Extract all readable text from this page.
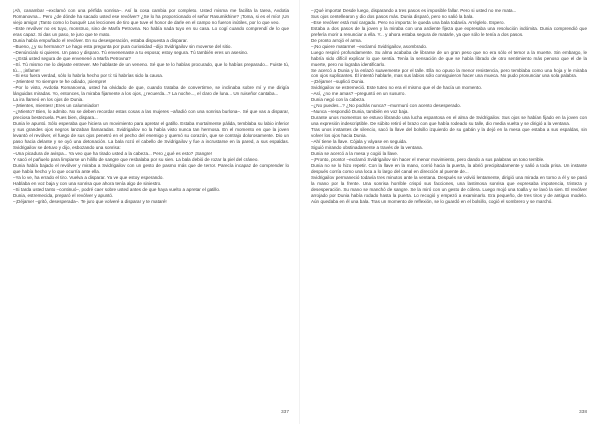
¡Ah, canamba! –exclamó con una pérfida sonrisa–. Así la cosa cambia por completo. Usted misma me facilita la tarea, Avdotia Romanovna... Pero ¿de dónde ha sacado usted ese revólver? ¿Se lo ha proporcionado el señor Rasumikhine? ¡Toma, si es el mío! ¡Un viejo amigo! ¡Tanto como lo busqué! Las lecciones de tiro que tuve el honor de darle en el campo no fueron inútiles, por lo que veo.

–Este revólver no es tuyo, monstruo, sino de Marfa Petrovna. No había nada tuyo en su casa. Lo cogí cuando comprendí de lo que eras capaz. Si das un paso, te juro que te mato.

Dunia había empuñado el revólver. En su desesperación, estaba dispuesta a disparar.

–Bueno, ¿y su hermano? Le hago esta pregunta por pura curiosidad –dijo Svidrigailov sin moverse del sitio.

–Denúncialo si quieres. Un paso y disparo. Tú envenenaste a tu esposa; estoy segura. Tú también eres un asesino.

–¿Está usted segura de que envenené a Marfa Petrovna?

–Sí. Tú mismo me lo dejaste entrever. Me hablaste de un veneno. Sé que te lo habías procurado, que lo habías preparado... Fuiste tú, tú..., ¡infame!

–Si eso fuera verdad, sólo lo habría hecho por ti: tú habrías sido la causa.

–¡Mientes! Yo siempre te he odiado, ¡siempre!

–Por lo visto, Avdotia Romanovna, usted ha olvidado de que, cuando trataba de convertirme, se inclinaba sobre mí y me dirigía lánguidas miradas. Yo, entonces, la miraba fijamente a los ojos, ¿recuerda...? La noche..., el claro de luna... Un ruiseñor cantaba...

La ira llameó en los ojos de Dunia.

–¡Mientes, mientes! ¡Eres un calumniador!

–¿Miento? Bien, lo admito. No se deben recordar estas cosas a las mujeres –añadió con una sonrisa burlona–. Sé que vas a disparar, preciosa bestezuela. Pues bien, dispara...

Dunia le apuntó. Sólo esperaba que hiciera un movimiento para apretar el gatillo. Estaba mortalmente pálida, temblaba su labio inferior y sus grandes ojos negros lanzaban llamaradas. Svidrigailov no la había visto nunca tan hermosa. En el momento en que la joven levantó el revólver, el fuego de sus ojos penetró en el pecho del enemigo y quemó su corazón, que se contrajo dolorosamente. Dio un paso hacia delante y se oyó una detonación. La bala rozó el cabello de Svidrigailov y fue a incrustarse en la pared, a sus espaldas. Svidrigailov se detuvo y dijo, esbozando una sonrisa:

–Una picadura de avispa... Ya veo que ha tirado usted a la cabeza... Pero ¿qué es esto? ¡Sangre!

Y sacó el pañuelo para limpiarse un hilillo de sangre que resbalaba por su sien. La bala debió de rozar la piel del cráneo.

Dunia había bajado el revólver y miraba a Svidrigailov con un gesto de pasmo más que de terror. Parecía incapaz de comprender lo que había hecho y lo que ocurría ante ella.

–Ya lo ve, ha errado el tiro. Vuelva a disparar. Ya ve que estoy esperando.

Hablaba en voz baja y con una sonrisa que ahora tenía algo de siniestro.

–Si tarda usted tanto –continuó–, podré caer sobre usted antes de que haya vuelto a apretar el gatillo.

Dunia, estremecida, preparó el revólver y apuntó.

–¡Déjame! –gritó, desesperada–. Te juro que volveré a disparar y te mataré!

337

–¡Qué importa! Desde luego, disparando a tres pasos es imposible fallar. Pero si usted no me mata...

Sus ojos centellearon y dio dos pasos más. Dunia disparó, pero no salió la bala.

–Ese revólver está mal cargado. Pero no importa: le queda una bala todavía. Arréglelo. Espero.

Estaba a dos pasos de la joven y la miraba con una ardiente fijeza que expresaba una resolución indómita. Dunia comprendió que prefería morir a renunciar a ella. Y... y ahora estaba segura de matarle, ya que sólo le tenía a dos pasos.

De pronto arrojó el arma.

–¡No quiere matarme! –exclamó Svidrigailov, asombrado.

Luego respiró profundamente. Su alma acababa de librarse de un gran peso que no era sólo el temor a la muerte. Sin embargo, le habría sido difícil explicar lo que sentía. Tenía la sensación de que se había librado de otro sentimiento más penoso que el de la muerte, pero no lograba identificarlo.

Se acercó a Dunia y la enlazó suavemente por el talle. Ella no opuso la menor resistencia, pero temblaba como una hoja y le miraba con ojos suplicantes. Él intentó hablarle, mas sus labios sólo consiguieron hacer una mueca. No pudo pronunciar una sola palabra.

–¡Déjame! –suplicó Dunia.

Svidrigailov se estremeció. Este tuteo no era el mismo que el de hacía un momento.

–Así, ¿no me amas? –preguntó en un susurro.

Dunia negó con la cabeza.

–¿No puedes...? ¿No podrás nunca? –murmuró con acento desesperado.

–Nunca –respondió Dunia, también en voz baja.

Durante unos momentos se estuvo librando una lucha espantosa en el alma de Svidrigailov. Sus ojos se habían fijado en la joven con una expresión indescriptible. De súbito retiró el brazo con que había rodeado su talle, dio media vuelta y se dirigió a la ventana.

Tras unos instantes de silencio, sacó la llave del bolsillo izquierdo de su gabán y la dejó en la mesa que estaba a sus espaldas, sin volver los ojos hacia Dunia.

–Ahí tiene la llave. Cójala y váyase en seguida.

Siguió mirando obstinadamente a través de la ventana.

Dunia se acercó a la mesa y cogió la llave.

–¡Pronto, pronto! –exclamó Svidrigailov sin hacer el menor movimiento, pero dando a sus palabras un tono terrible.

Dunia no se lo hizo repetir. Con la llave en la mano, corrió hacia la puerta, la abrió precipitadamente y salió a toda prisa. Un instante después corría como una loca a lo largo del canal en dirección al puente de...

Svidrigailov permaneció todavía tres minutos ante la ventana. Después se volvió lentamente, dirigió una mirada en torno a él y se pasó la mano por la frente. Una sonrisa horrible crispó sus facciones, una lastimosa sonrisa que expresaba impotencia, tristeza y desesperación. Su mano se manchó de sangre. Se la miró con un gesto de cólera. Luego mojó una toalla y se lavó la sien. El revólver arrojado por Dunia había rodado hasta la puerta. Lo recogió y empezó a examinarlo. Era pequeño, de tres tiros y de antiguo modelo. Aún quedaba en él una bala. Tras un momento de reflexión, se lo guardó en el bolsillo, cogió el sombrero y se marchó.

338
